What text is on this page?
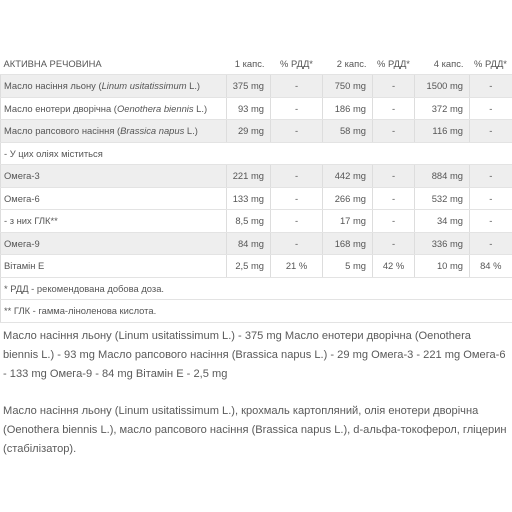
АКТИВНА РЕЧОВИНА	1 капс.	% РДД*	2 капс.	% РДД*	4 капс.	% РДД*
Масло насіння льону (Linum usitatissimum L.)	375 mg	-	750 mg	-	1500 mg	-
Масло енотери дворічна (Oenothera biennis L.)	93 mg	-	186 mg	-	372 mg	-
Масло рапсового насіння (Brassica napus L.)	29 mg	-	58 mg	-	116 mg	-
- У цих оліях міститься						
Омега-3	221 mg	-	442 mg	-	884 mg	-
Омега-6	133 mg	-	266 mg	-	532 mg	-
- з них ГЛК**	8,5 mg	-	17 mg	-	34 mg	-
Омега-9	84 mg	-	168 mg	-	336 mg	-
Вітамін Е	2,5 mg	21 %	5 mg	42 %	10 mg	84 %
* РДД - рекомендована добова доза.						
** ГЛК - гамма-ліноленова кислота.						

Масло насіння льону (Linum usitatissimum L.) - 375 mg Масло енотери дворічна (Oenothera biennis L.) - 93 mg Масло рапсового насіння (Brassica napus L.) - 29 mg Омега-3 - 221 mg Омега-6 - 133 mg Омега-9 - 84 mg Вітамін E - 2,5 mg

Масло насіння льону (Linum usitatissimum L.), крохмаль картопляний, олія енотери дворічна (Oenothera biennis L.), масло рапсового насіння (Brassica napus L.), d-альфа-токоферол, гліцерин (стабілізатор).
